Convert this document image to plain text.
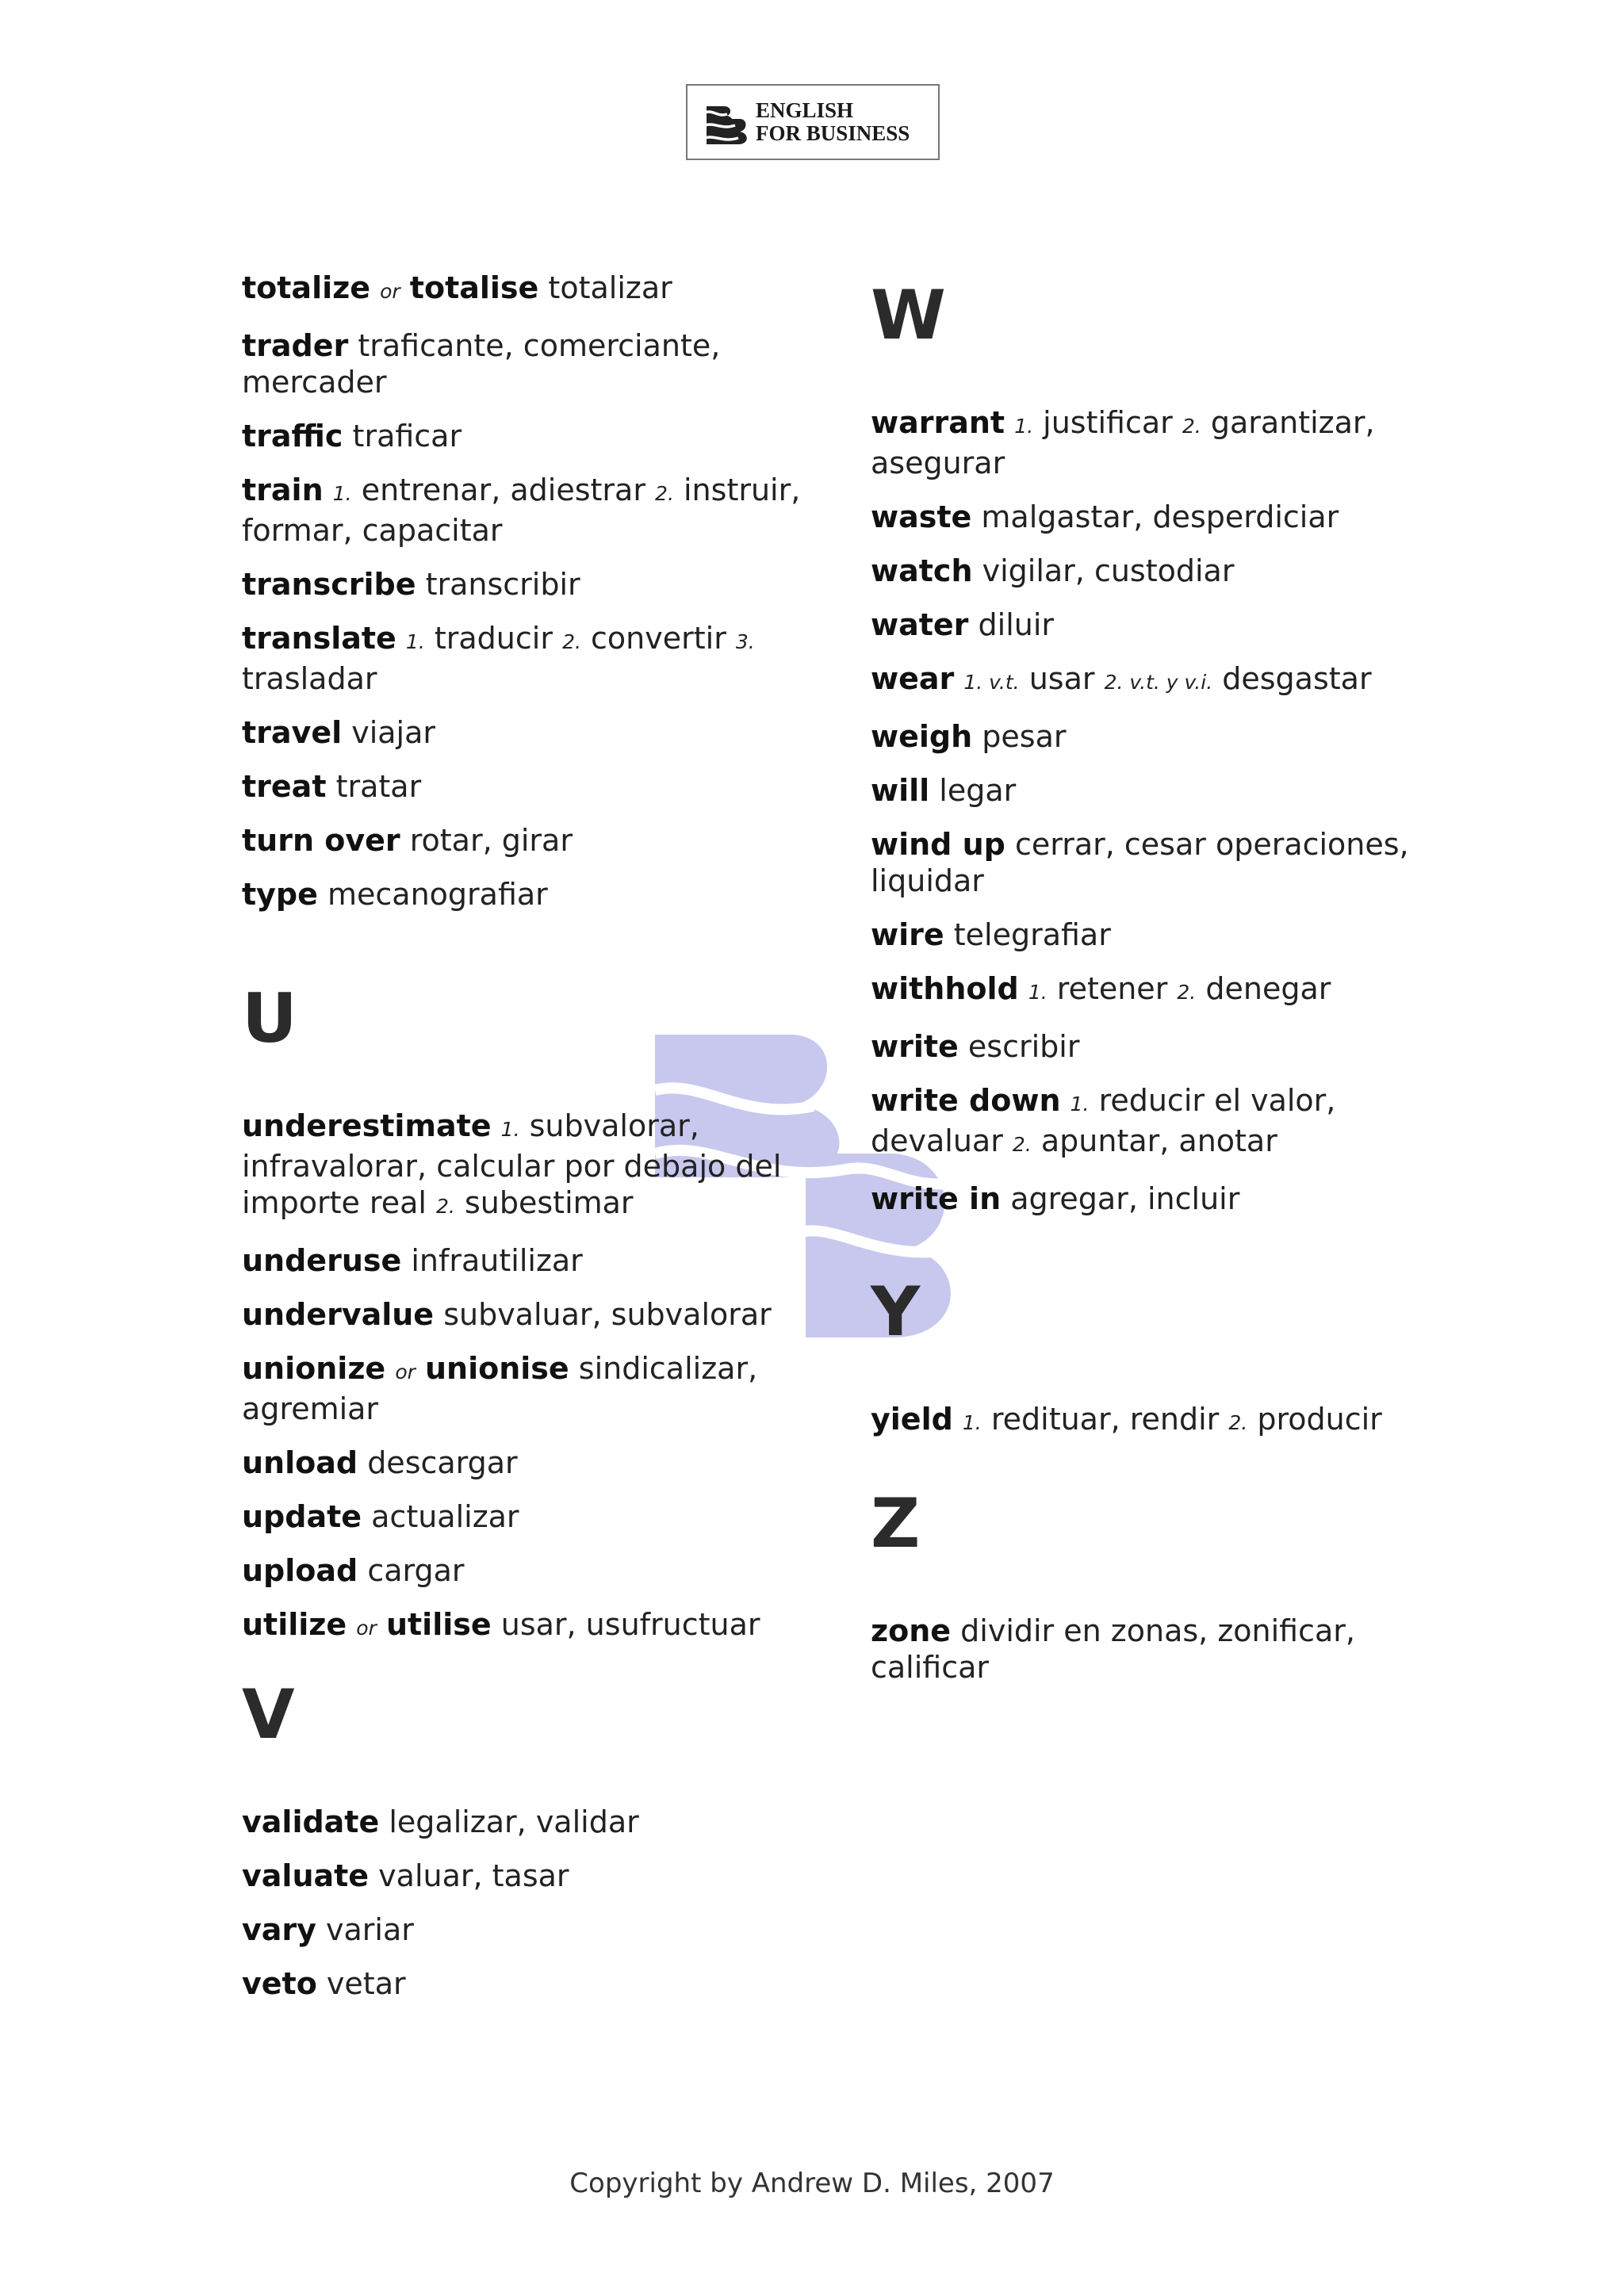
ENGLISH
FOR BUSINESS

totalize or totalise totalizar

trader traficante, comerciante, mercader

traffic traficar

train 1. entrenar, adiestrar 2. instruir, formar, capacitar

transcribe transcribir

translate 1. traducir 2. convertir 3. trasladar

travel viajar

treat tratar

turn over rotar, girar

type mecanografiar

U

underestimate 1. subvalorar, infravalorar, calcular por debajo del importe real 2. subestimar

underuse infrautilizar

undervalue subvaluar, subvalorar

unionize or unionise sindicalizar, agremiar

unload descargar

update actualizar

upload cargar

utilize or utilise usar, usufructuar

V

validate legalizar, validar

valuate valuar, tasar

vary variar

veto vetar

W

warrant 1. justificar 2. garantizar, asegurar

waste malgastar, desperdiciar

watch vigilar, custodiar

water diluir

wear 1. v.t. usar 2. v.t. y v.i. desgastar

weigh pesar

will legar

wind up cerrar, cesar operaciones, liquidar

wire telegrafiar

withhold 1. retener 2. denegar

write escribir

write down 1. reducir el valor, devaluar 2. apuntar, anotar

write in agregar, incluir

Y

yield 1. redituar, rendir 2. producir

Z

zone dividir en zonas, zonificar, calificar

Copyright by Andrew D. Miles, 2007
